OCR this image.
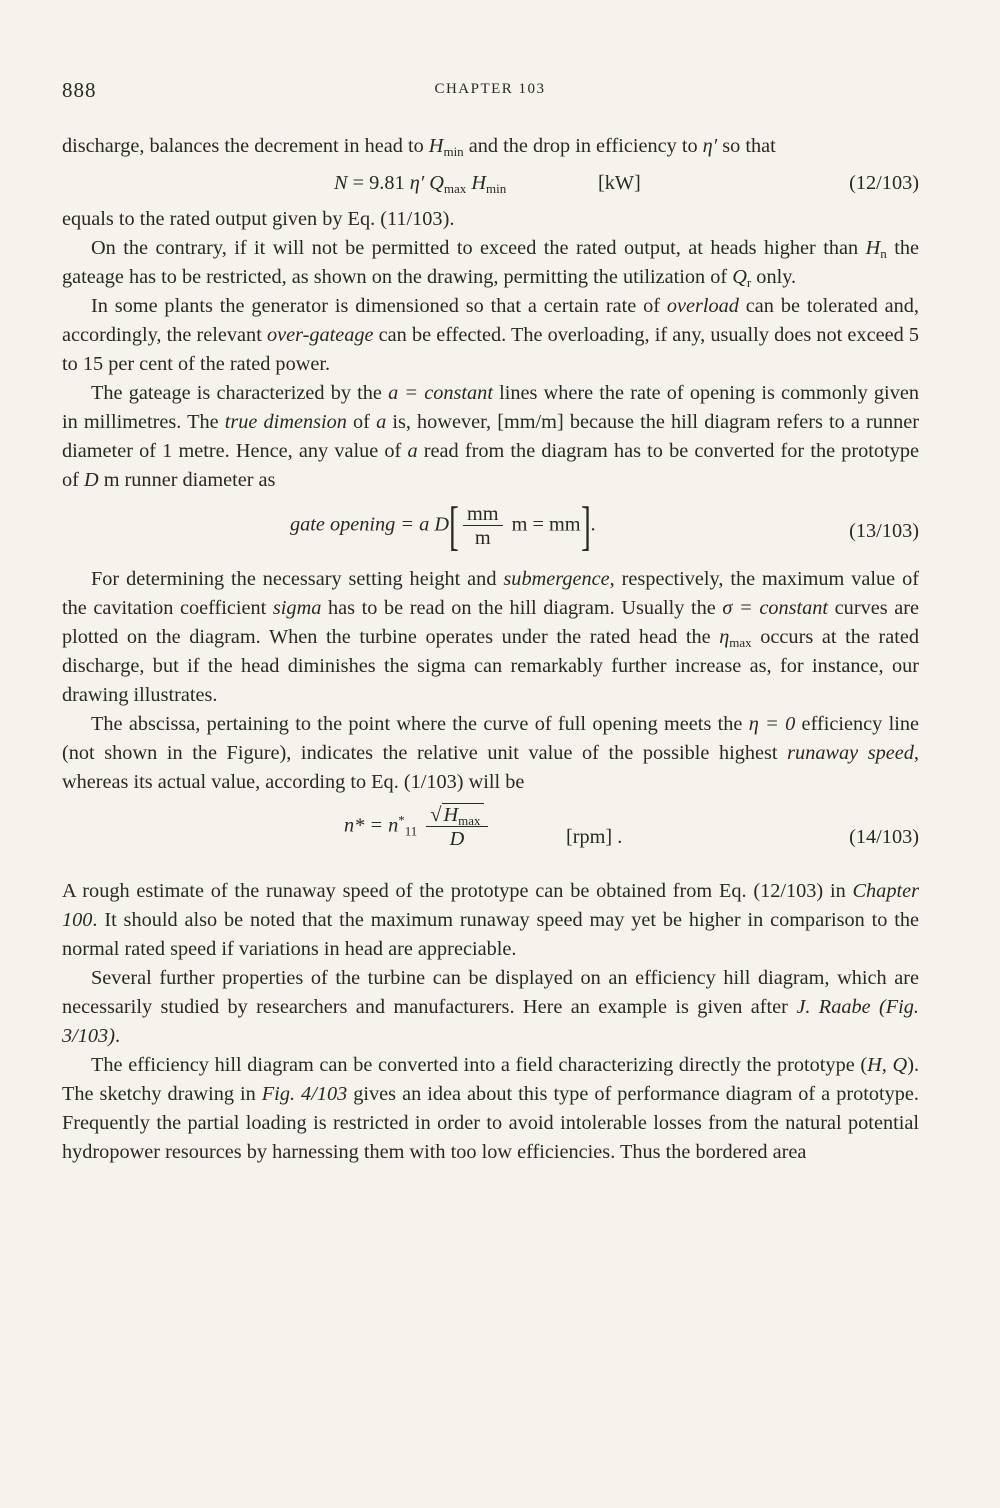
888	CHAPTER 103

discharge, balances the decrement in head to $H_{min}$ and the drop in efficiency to η′ so that

N = 9.81 η′ $Q_{max}$ $H_{min}$	[kW]	(12/103)

equals to the rated output given by Eq. (11/103).

On the contrary, if it will not be permitted to exceed the rated output, at heads higher than $H_n$ the gateage has to be restricted, as shown on the drawing, permitting the utilization of $Q_r$ only.

In some plants the generator is dimensioned so that a certain rate of overload can be tolerated and, accordingly, the relevant over-gateage can be effected. The overloading, if any, usually does not exceed 5 to 15 per cent of the rated power.

The gateage is characterized by the a = constant lines where the rate of opening is commonly given in millimetres. The true dimension of a is, however, [mm/m] because the hill diagram refers to a runner diameter of 1 metre. Hence, any value of a read from the diagram has to be converted for the prototype of D m runner diameter as

gate opening = a $D[ \frac{mm}{m}$ m = mm].	(13/103)

For determining the necessary setting height and submergence, respectively, the maximum value of the cavitation coefficient sigma has to be read on the hill diagram. Usually the σ = constant curves are plotted on the diagram. When the turbine operates under the rated head the $\eta_{max}$ occurs at the rated discharge, but if the head diminishes the sigma can remarkably further increase as, for instance, our drawing illustrates.

The abscissa, pertaining to the point where the curve of full opening meets the η = 0 efficiency line (not shown in the Figure), indicates the relative unit value of the possible highest runaway speed, whereas its actual value, according to Eq. (1/103) will be

$n* = n^*_{11} \frac{√H_{max}}{D}$	[rpm] .	(14/103)

A rough estimate of the runaway speed of the prototype can be obtained from Eq. (12/103) in Chapter 100. It should also be noted that the maximum runaway speed may yet be higher in comparison to the normal rated speed if variations in head are appreciable.

Several further properties of the turbine can be displayed on an efficiency hill diagram, which are necessarily studied by researchers and manufacturers. Here an example is given after J. Raabe (Fig. 3/103).

The efficiency hill diagram can be converted into a field characterizing directly the prototype (H, Q). The sketchy drawing in Fig. 4/103 gives an idea about this type of performance diagram of a prototype. Frequently the partial loading is restricted in order to avoid intolerable losses from the natural potential hydropower resources by harnessing them with too low efficiencies. Thus the bordered area
